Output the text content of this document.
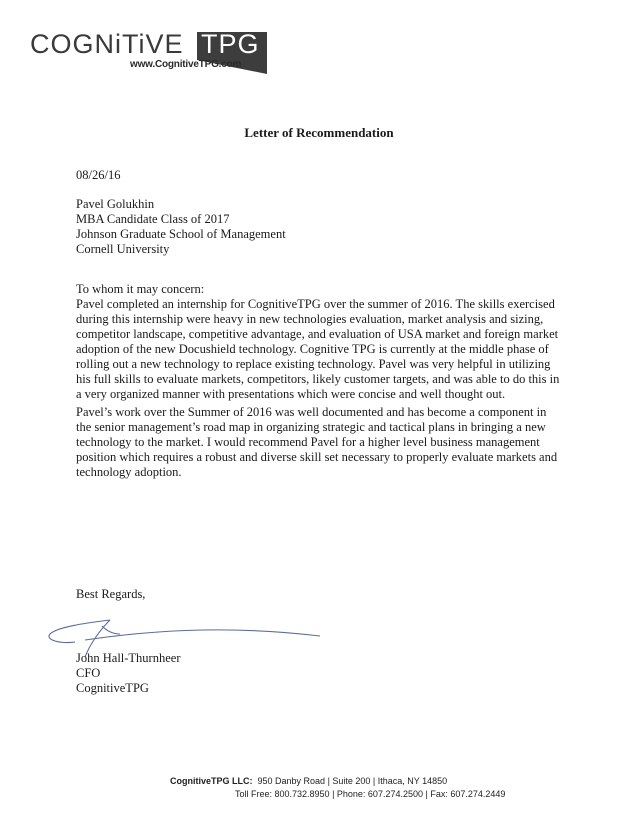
COGNiTiVE TPG
www.CognitiveTPG.com
Letter of Recommendation
08/26/16
Pavel Golukhin
MBA Candidate Class of 2017
Johnson Graduate School of Management
Cornell University
To whom it may concern:
Pavel completed an internship for CognitiveTPG over the summer of 2016. The skills exercised
during this internship were heavy in new technologies evaluation, market analysis and sizing,
competitor landscape, competitive advantage, and evaluation of USA market and foreign market
adoption of the new Docushield technology. Cognitive TPG is currently at the middle phase of
rolling out a new technology to replace existing technology. Pavel was very helpful in utilizing
his full skills to evaluate markets, competitors, likely customer targets, and was able to do this in
a very organized manner with presentations which were concise and well thought out.
Pavel’s work over the Summer of 2016 was well documented and has become a component in
the senior management’s road map in organizing strategic and tactical plans in bringing a new
technology to the market. I would recommend Pavel for a higher level business management
position which requires a robust and diverse skill set necessary to properly evaluate markets and
technology adoption.
Best Regards,
John Hall-Thurnheer
CFO
CognitiveTPG
CognitiveTPG LLC: 950 Danby Road | Suite 200 | Ithaca, NY 14850
Toll Free: 800.732.8950 | Phone: 607.274.2500 | Fax: 607.274.2449
